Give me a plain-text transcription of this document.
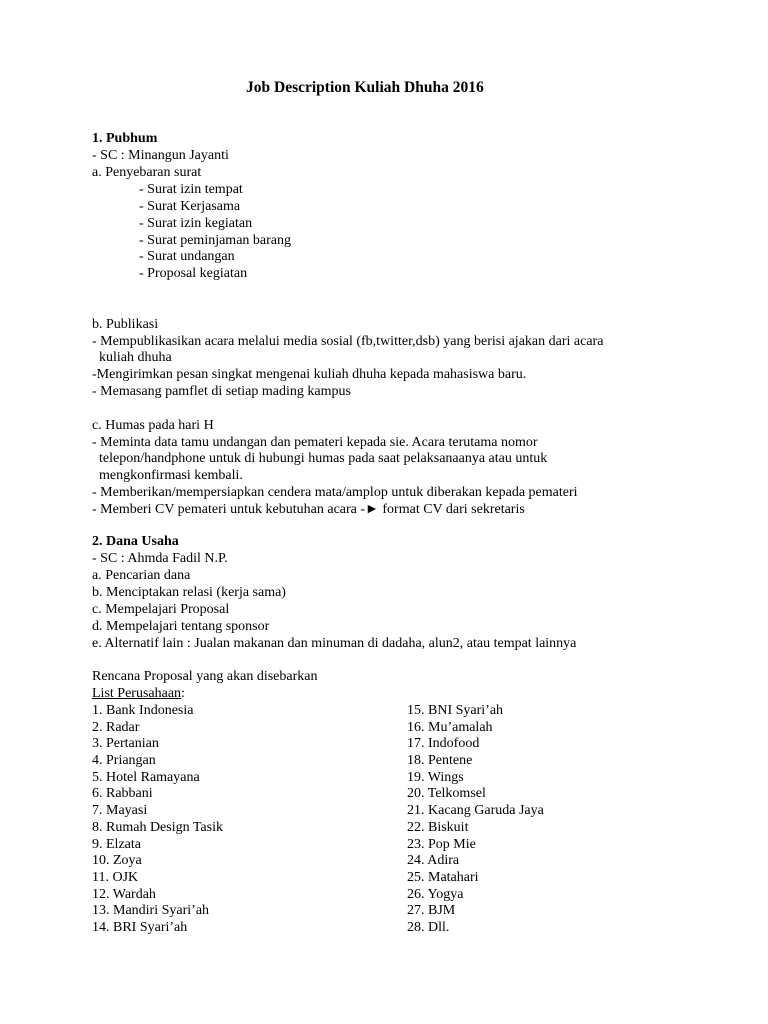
Job Description Kuliah Dhuha 2016
1. Pubhum
- SC : Minangun Jayanti
a. Penyebaran surat
- Surat izin tempat
- Surat Kerjasama
- Surat izin kegiatan
- Surat peminjaman barang
- Surat undangan
- Proposal kegiatan
b. Publikasi
- Mempublikasikan acara melalui media sosial (fb,twitter,dsb) yang berisi ajakan dari acara
kuliah dhuha
-Mengirimkan pesan singkat mengenai kuliah dhuha kepada mahasiswa baru.
- Memasang pamflet di setiap mading kampus
c. Humas pada hari H
- Meminta data tamu undangan dan pemateri kepada sie. Acara terutama nomor
telepon/handphone untuk di hubungi humas pada saat pelaksanaanya atau untuk
mengkonfirmasi kembali.
- Memberikan/mempersiapkan cendera mata/amplop untuk diberakan kepada pemateri
- Memberi CV pemateri untuk kebutuhan acara -► format CV dari sekretaris
2. Dana Usaha
- SC : Ahmda Fadil N.P.
a. Pencarian dana
b. Menciptakan relasi (kerja sama)
c. Mempelajari Proposal
d. Mempelajari tentang sponsor
e. Alternatif lain : Jualan makanan dan minuman di dadaha, alun2, atau tempat lainnya
Rencana Proposal yang akan disebarkan
List Perusahaan:
1. Bank Indonesia
2. Radar
3. Pertanian
4. Priangan
5. Hotel Ramayana
6. Rabbani
7. Mayasi
8. Rumah Design Tasik
9. Elzata
10. Zoya
11. OJK
12. Wardah
13. Mandiri Syari’ah
14. BRI Syari’ah
15. BNI Syari’ah
16. Mu’amalah
17. Indofood
18. Pentene
19. Wings
20. Telkomsel
21. Kacang Garuda Jaya
22. Biskuit
23. Pop Mie
24. Adira
25. Matahari
26. Yogya
27. BJM
28. Dll.
